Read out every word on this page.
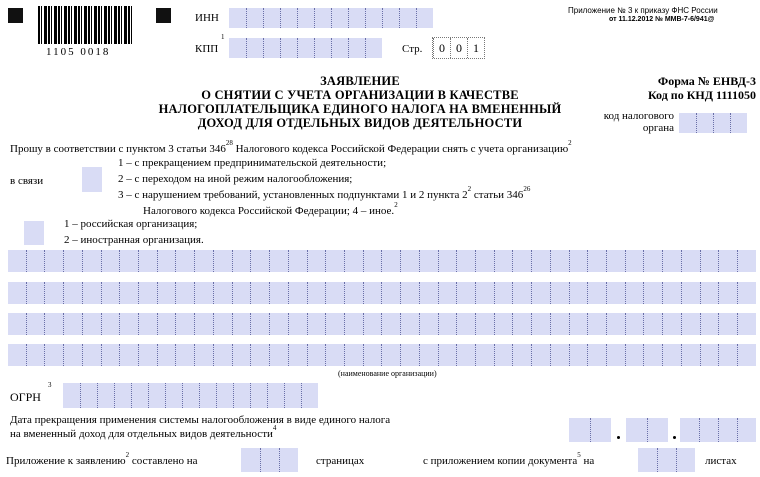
1105 0018
ИНН
КПП
1
Стр.	0 0 1
Приложение № 3 к приказу ФНС России
от 11.12.2012 № ММВ-7-6/941@
ЗАЯВЛЕНИЕ
О СНЯТИИ С УЧЕТА ОРГАНИЗАЦИИ В КАЧЕСТВЕ
НАЛОГОПЛАТЕЛЬЩИКА ЕДИНОГО НАЛОГА НА ВМЕНЕННЫЙ
ДОХОД ДЛЯ ОТДЕЛЬНЫХ ВИДОВ ДЕЯТЕЛЬНОСТИ
Форма № ЕНВД-3
Код по КНД 1111050
код налогового
органа
Прошу в соответствии с пунктом 3 статьи $346^{28}$ Налогового кодекса Российской Федерации снять с учета организацию$^2$
в связи
1 – с прекращением предпринимательской деятельности;
2 – с переходом на иной режим налогообложения;
3 – с нарушением требований, установленных подпунктами 1 и 2 пункта $2^2$ статьи $346^{26}$
Налогового кодекса Российской Федерации; 4 – иное.$^2$
1 – российская организация;
2 – иностранная организация.
(наименование организации)
ОГРН
3
Дата прекращения применения системы налогообложения в виде единого налога
на вмененный доход для отдельных видов деятельности$^4$
Приложение к заявлению$^2$ составлено на	страницах	с приложением копии документа$^5$ на	листах
